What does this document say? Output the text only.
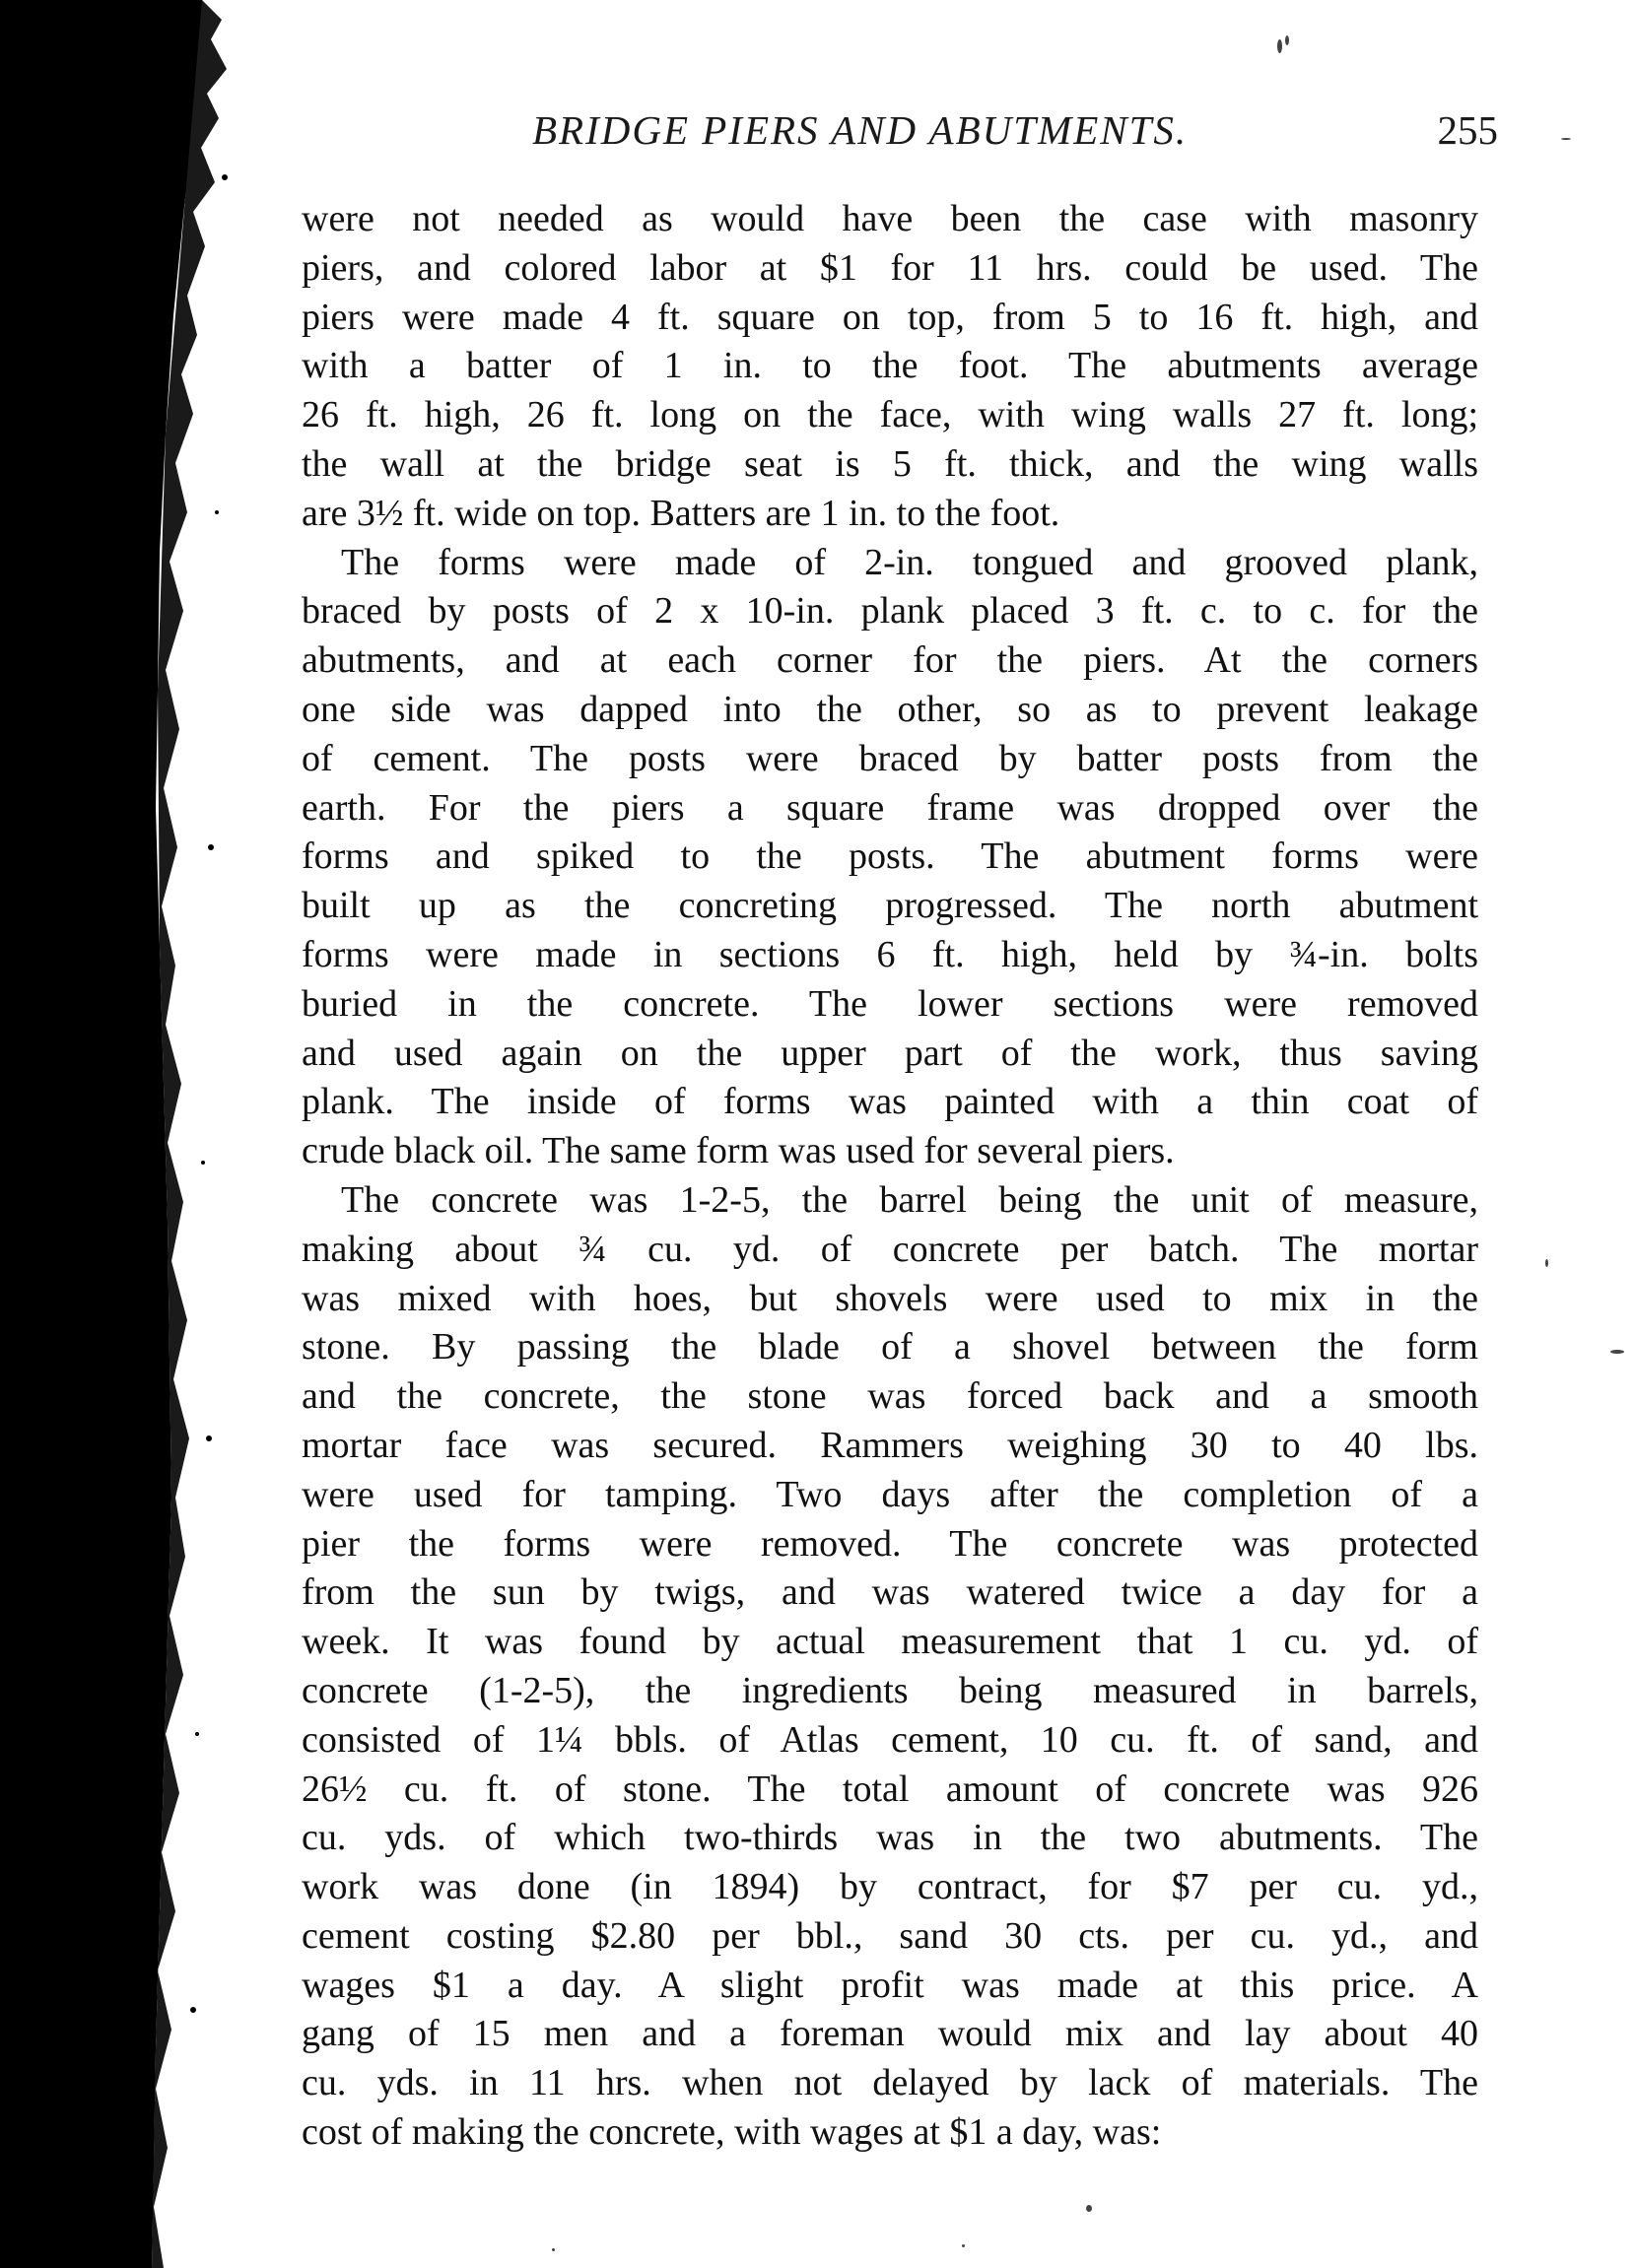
BRIDGE PIERS AND ABUTMENTS.	255
were not needed as would have been the case with masonry
piers, and colored labor at $1 for 11 hrs. could be used. The
piers were made 4 ft. square on top, from 5 to 16 ft. high, and
with a batter of 1 in. to the foot. The abutments average
26 ft. high, 26 ft. long on the face, with wing walls 27 ft. long;
the wall at the bridge seat is 5 ft. thick, and the wing walls
are 3½ ft. wide on top. Batters are 1 in. to the foot.
The forms were made of 2-in. tongued and grooved plank,
braced by posts of 2 x 10-in. plank placed 3 ft. c. to c. for the
abutments, and at each corner for the piers. At the corners
one side was dapped into the other, so as to prevent leakage
of cement. The posts were braced by batter posts from the
earth. For the piers a square frame was dropped over the
forms and spiked to the posts. The abutment forms were
built up as the concreting progressed. The north abutment
forms were made in sections 6 ft. high, held by ¾-in. bolts
buried in the concrete. The lower sections were removed
and used again on the upper part of the work, thus saving
plank. The inside of forms was painted with a thin coat of
crude black oil. The same form was used for several piers.
The concrete was 1-2-5, the barrel being the unit of measure,
making about ¾ cu. yd. of concrete per batch. The mortar
was mixed with hoes, but shovels were used to mix in the
stone. By passing the blade of a shovel between the form
and the concrete, the stone was forced back and a smooth
mortar face was secured. Rammers weighing 30 to 40 lbs.
were used for tamping. Two days after the completion of a
pier the forms were removed. The concrete was protected
from the sun by twigs, and was watered twice a day for a
week. It was found by actual measurement that 1 cu. yd. of
concrete (1-2-5), the ingredients being measured in barrels,
consisted of 1¼ bbls. of Atlas cement, 10 cu. ft. of sand, and
26½ cu. ft. of stone. The total amount of concrete was 926
cu. yds. of which two-thirds was in the two abutments. The
work was done (in 1894) by contract, for $7 per cu. yd.,
cement costing $2.80 per bbl., sand 30 cts. per cu. yd., and
wages $1 a day. A slight profit was made at this price. A
gang of 15 men and a foreman would mix and lay about 40
cu. yds. in 11 hrs. when not delayed by lack of materials. The
cost of making the concrete, with wages at $1 a day, was:
